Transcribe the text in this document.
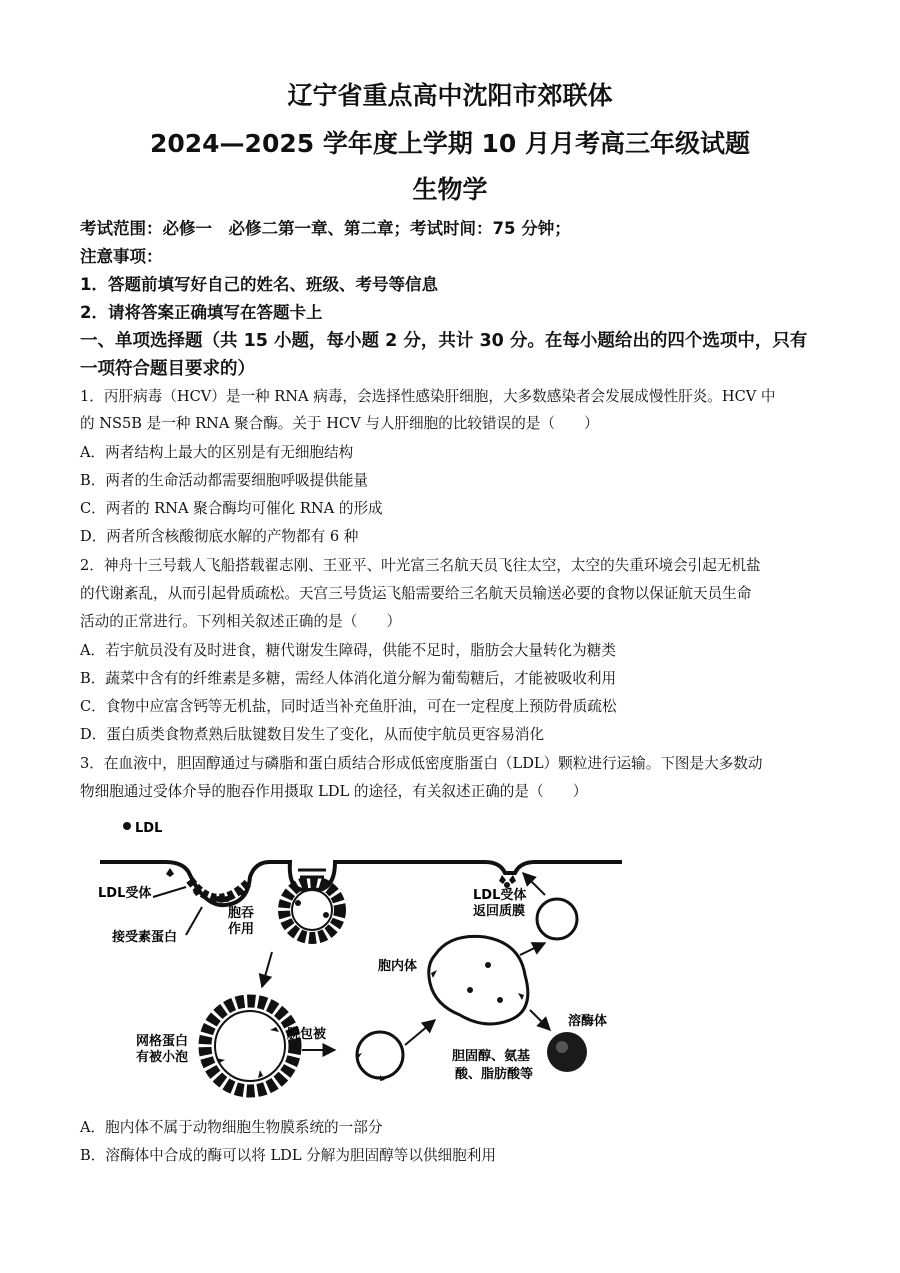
辽宁省重点高中沈阳市郊联体
2024—2025 学年度上学期 10 月月考高三年级试题
生物学
考试范围：必修一　必修二第一章、第二章；考试时间：75 分钟；
注意事项：
1．答题前填写好自己的姓名、班级、考号等信息
2．请将答案正确填写在答题卡上
一、单项选择题（共 15 小题，每小题 2 分，共计 30 分。在每小题给出的四个选项中，只有
一项符合题目要求的）
1．丙肝病毒（HCV）是一种 RNA 病毒，会选择性感染肝细胞，大多数感染者会发展成慢性肝炎。HCV 中
的 NS5B 是一种 RNA 聚合酶。关于 HCV 与人肝细胞的比较错误的是（　　）
A．两者结构上最大的区别是有无细胞结构
B．两者的生命活动都需要细胞呼吸提供能量
C．两者的 RNA 聚合酶均可催化 RNA 的形成
D．两者所含核酸彻底水解的产物都有 6 种
2．神舟十三号载人飞船搭载翟志刚、王亚平、叶光富三名航天员飞往太空，太空的失重环境会引起无机盐
的代谢紊乱，从而引起骨质疏松。天宫三号货运飞船需要给三名航天员输送必要的食物以保证航天员生命
活动的正常进行。下列相关叙述正确的是（　　）
A．若宇航员没有及时进食，糖代谢发生障碍，供能不足时，脂肪会大量转化为糖类
B．蔬菜中含有的纤维素是多糖，需经人体消化道分解为葡萄糖后，才能被吸收利用
C．食物中应富含钙等无机盐，同时适当补充鱼肝油，可在一定程度上预防骨质疏松
D．蛋白质类食物煮熟后肽键数目发生了变化，从而使宇航员更容易消化
3．在血液中，胆固醇通过与磷脂和蛋白质结合形成低密度脂蛋白（LDL）颗粒进行运输。下图是大多数动
物细胞通过受体介导的胞吞作用摄取 LDL 的途径，有关叙述正确的是（　　）
LDL
LDL受体
接受素蛋白
胞吞
作用
LDL受体
返回质膜
胞内体
网格蛋白
有被小泡
脱包被
溶酶体
胆固醇、氨基
酸、脂肪酸等
A．胞内体不属于动物细胞生物膜系统的一部分
B．溶酶体中合成的酶可以将 LDL 分解为胆固醇等以供细胞利用
